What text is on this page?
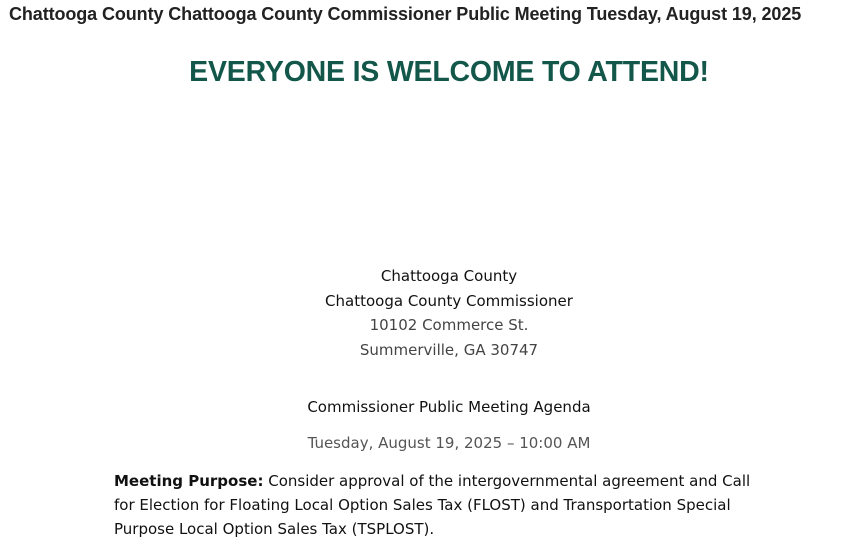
Chattooga County Chattooga County Commissioner Public Meeting Tuesday, August 19, 2025
EVERYONE IS WELCOME TO ATTEND!
Chattooga County
Chattooga County Commissioner
10102 Commerce St.
Summerville, GA 30747
Commissioner Public Meeting Agenda
Tuesday, August 19, 2025 – 10:00 AM
Meeting Purpose: Consider approval of the intergovernmental agreement and Call for Election for Floating Local Option Sales Tax (FLOST) and Transportation Special Purpose Local Option Sales Tax (TSPLOST).
